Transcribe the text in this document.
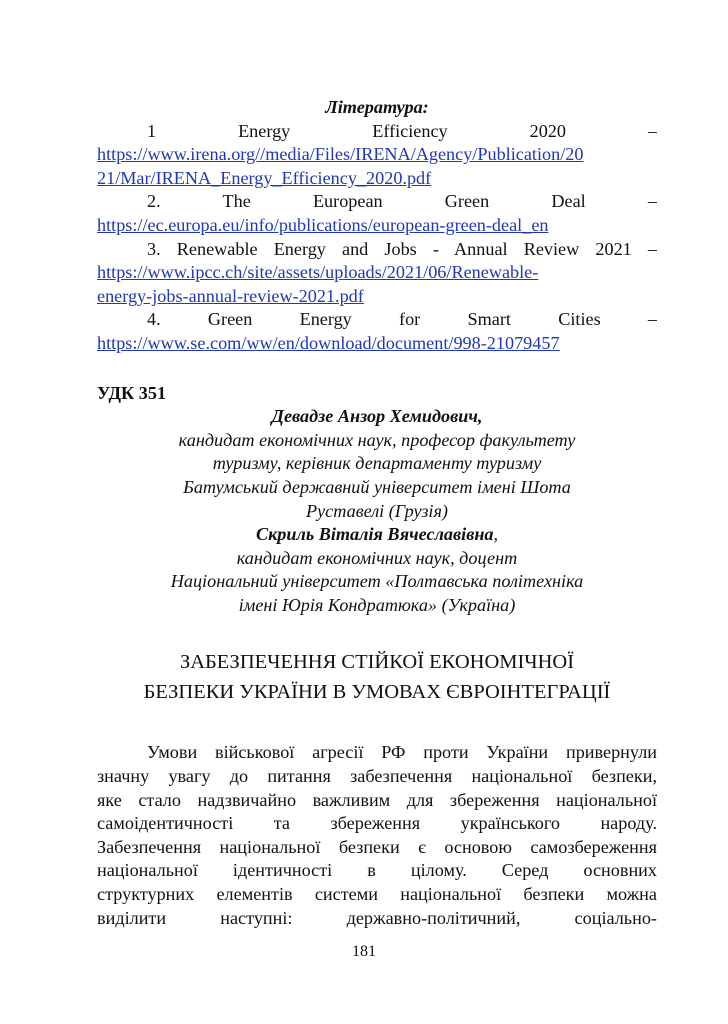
Література:
1	Energy	Efficiency	2020	–
https://www.irena.org//media/Files/IRENA/Agency/Publication/20
21/Mar/IRENA_Energy_Efficiency_2020.pdf
2.	The	European	Green	Deal	–
https://ec.europa.eu/info/publications/european-green-deal_en
3. Renewable Energy and Jobs - Annual Review 2021 –
https://www.ipcc.ch/site/assets/uploads/2021/06/Renewable-
energy-jobs-annual-review-2021.pdf
4.	Green	Energy	for	Smart	Cities	–
https://www.se.com/ww/en/download/document/998-21079457
УДК 351
Девадзе Анзор Хемидович,
кандидат економічних наук, професор факультету
туризму, керівник департаменту туризму
Батумський державний університет імені Шота
Руставелі (Грузія)
Скриль Віталія Вячеславівна,
кандидат економічних наук, доцент
Національний університет «Полтавська політехніка
імені Юрія Кондратюка» (Україна)
ЗАБЕЗПЕЧЕННЯ СТІЙКОЇ ЕКОНОМІЧНОЇ
БЕЗПЕКИ УКРАЇНИ В УМОВАХ ЄВРОІНТЕГРАЦІЇ
Умови військової агресії РФ проти України привернули
значну увагу до питання забезпечення національної безпеки,
яке стало надзвичайно важливим для збереження національної
самоідентичності та збереження українського народу.
Забезпечення національної безпеки є основою самозбереження
національної ідентичності в цілому. Серед основних
структурних елементів системи національної безпеки можна
виділити наступні: державно-політичний, соціально-
181
